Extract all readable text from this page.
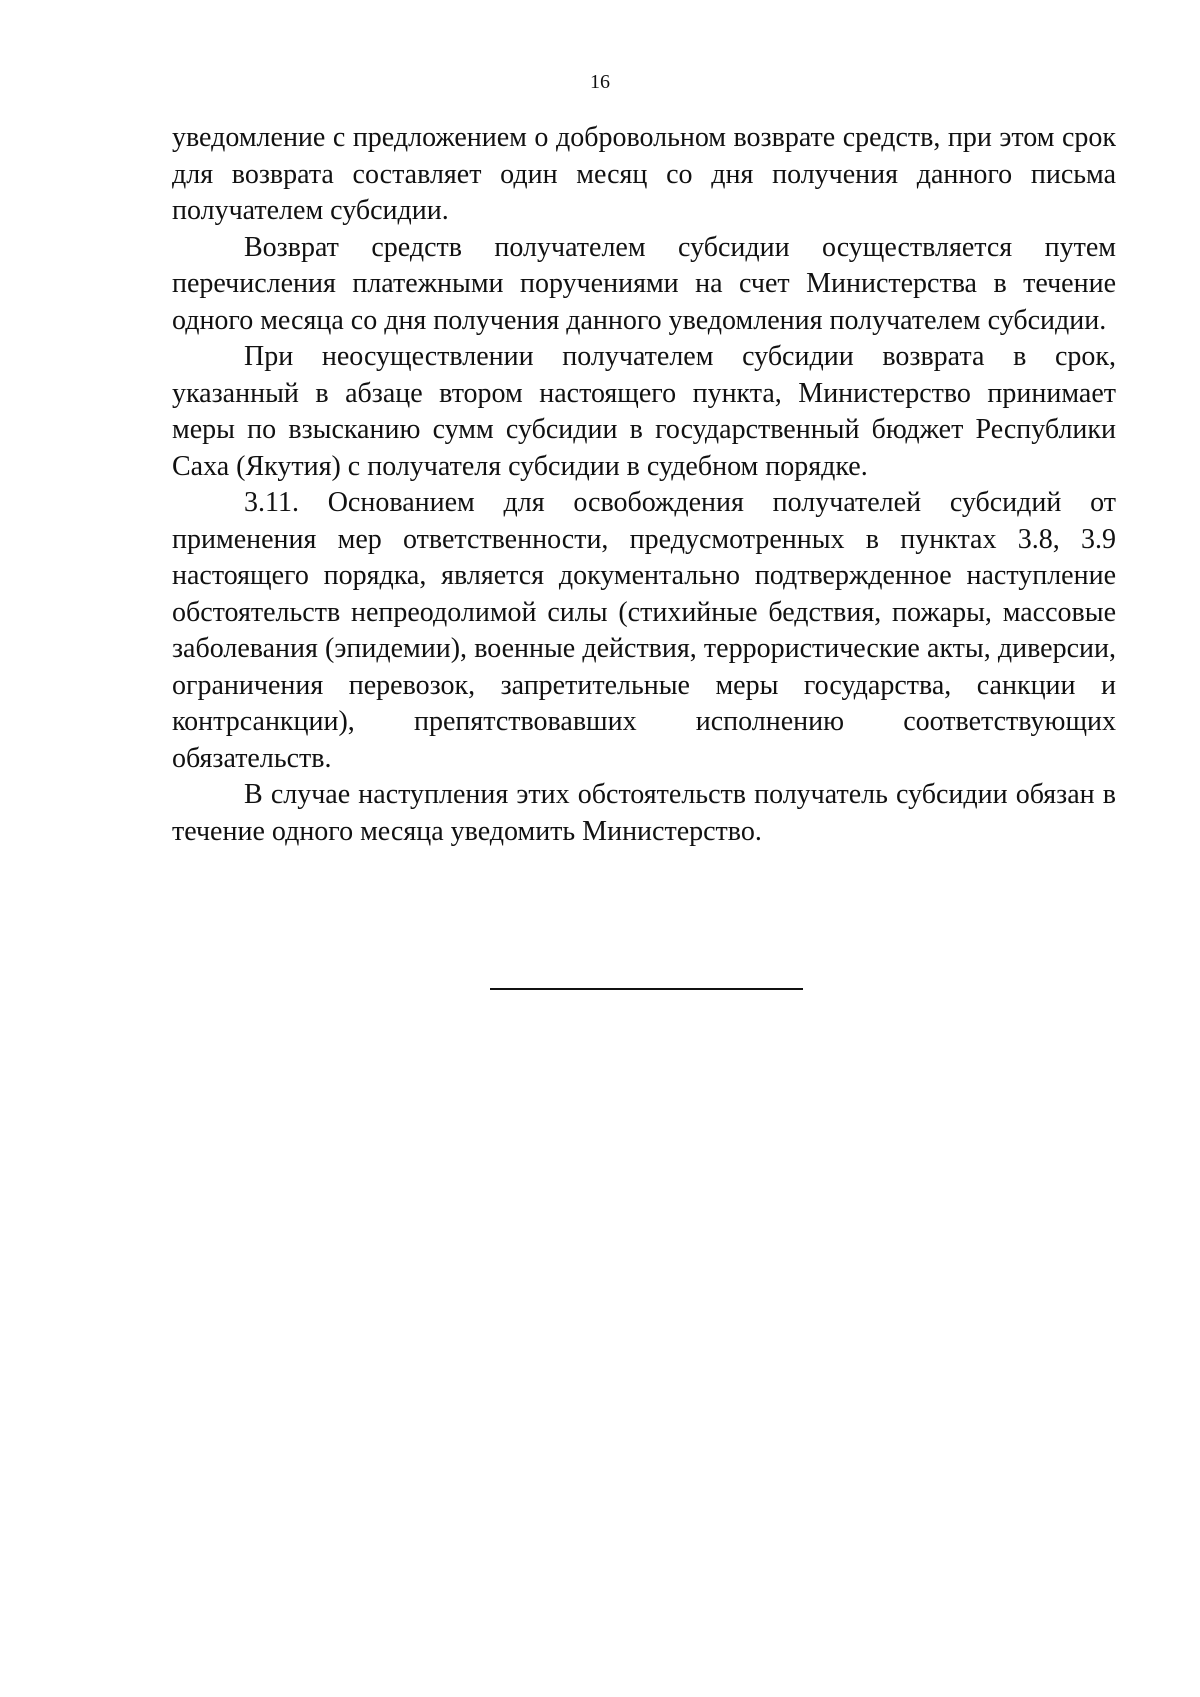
16

уведомление с предложением о добровольном возврате средств, при этом срок для возврата составляет один месяц со дня получения данного письма получателем субсидии.

Возврат средств получателем субсидии осуществляется путем перечисления платежными поручениями на счет Министерства в течение одного месяца со дня получения данного уведомления получателем субсидии.

При неосуществлении получателем субсидии возврата в срок, указанный в абзаце втором настоящего пункта, Министерство принимает меры по взысканию сумм субсидии в государственный бюджет Республики Саха (Якутия) с получателя субсидии в судебном порядке.

3.11. Основанием для освобождения получателей субсидий от применения мер ответственности, предусмотренных в пунктах 3.8, 3.9 настоящего порядка, является документально подтвержденное наступление обстоятельств непреодолимой силы (стихийные бедствия, пожары, массовые заболевания (эпидемии), военные действия, террористические акты, диверсии, ограничения перевозок, запретительные меры государства, санкции и контрсанкции), препятствовавших исполнению соответствующих обязательств.

В случае наступления этих обстоятельств получатель субсидии обязан в течение одного месяца уведомить Министерство.
